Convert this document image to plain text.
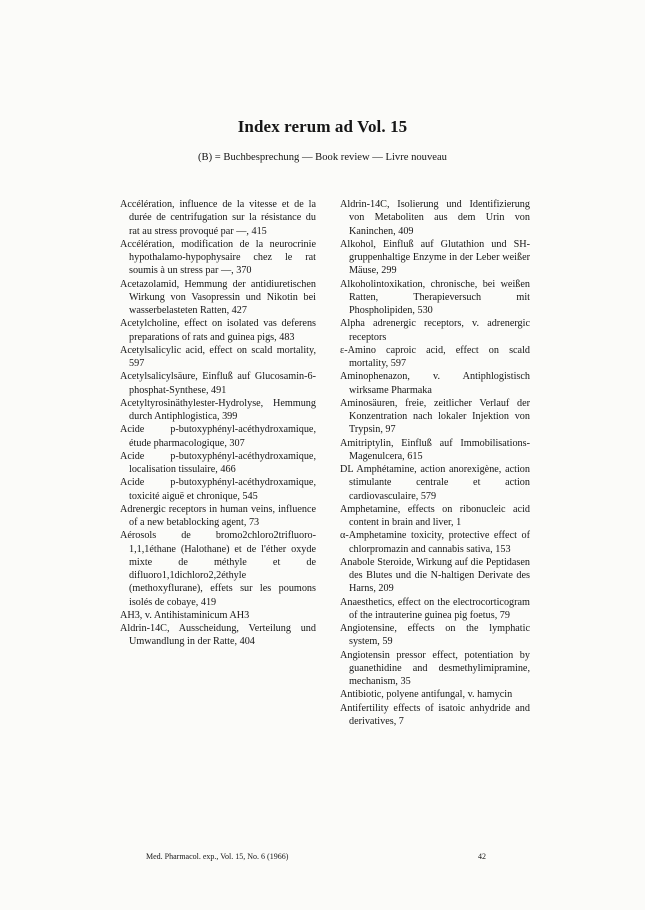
Index rerum ad Vol. 15
(B) = Buchbesprechung — Book review — Livre nouveau
Accélération, influence de la vitesse et de la durée de centrifugation sur la résistance du rat au stress provoqué par —, 415
Accélération, modification de la neurocrinie hypothalamo-hypophysaire chez le rat soumis à un stress par —, 370
Acetazolamid, Hemmung der antidiuretischen Wirkung von Vasopressin und Nikotin bei wasserbelasteten Ratten, 427
Acetylcholine, effect on isolated vas deferens preparations of rats and guinea pigs, 483
Acetylsalicylic acid, effect on scald mortality, 597
Acetylsalicylsäure, Einfluß auf Glucosamin-6-phosphat-Synthese, 491
Acetyltyrosinäthylester-Hydrolyse, Hemmung durch Antiphlogistica, 399
Acide p-butoxyphényl-acéthydroxamique, étude pharmacologique, 307
Acide p-butoxyphényl-acéthydroxamique, localisation tissulaire, 466
Acide p-butoxyphényl-acéthydroxamique, toxicité aiguë et chronique, 545
Adrenergic receptors in human veins, influence of a new betablocking agent, 73
Aérosols de bromo2chloro2trifluoro-1,1,1éthane (Halothane) et de l'éther oxyde mixte de méthyle et de difluoro1,1dichloro2,2éthyle (methoxyflurane), effets sur les poumons isolés de cobaye, 419
AH3, v. Antihistaminicum AH3
Aldrin-14C, Ausscheidung, Verteilung und Umwandlung in der Ratte, 404
Aldrin-14C, Isolierung und Identifizierung von Metaboliten aus dem Urin von Kaninchen, 409
Alkohol, Einfluß auf Glutathion und SH-gruppenhaltige Enzyme in der Leber weißer Mäuse, 299
Alkoholintoxikation, chronische, bei weißen Ratten, Therapieversuch mit Phospholipiden, 530
Alpha adrenergic receptors, v. adrenergic receptors
ε-Amino caproic acid, effect on scald mortality, 597
Aminophenazon, v. Antiphlogistisch wirksame Pharmaka
Aminosäuren, freie, zeitlicher Verlauf der Konzentration nach lokaler Injektion von Trypsin, 97
Amitriptylin, Einfluß auf Immobilisations-Magenulcera, 615
DL Amphétamine, action anorexigène, action stimulante centrale et action cardiovasculaire, 579
Amphetamine, effects on ribonucleic acid content in brain and liver, 1
α-Amphetamine toxicity, protective effect of chlorpromazin and cannabis sativa, 153
Anabole Steroide, Wirkung auf die Peptidasen des Blutes und die N-haltigen Derivate des Harns, 209
Anaesthetics, effect on the electrocorticogram of the intrauterine guinea pig foetus, 79
Angiotensine, effects on the lymphatic system, 59
Angiotensin pressor effect, potentiation by guanethidine and desmethylimipramine, mechanism, 35
Antibiotic, polyene antifungal, v. hamycin
Antifertility effects of isatoic anhydride and derivatives, 7
Med. Pharmacol. exp., Vol. 15, No. 6 (1966)	42
